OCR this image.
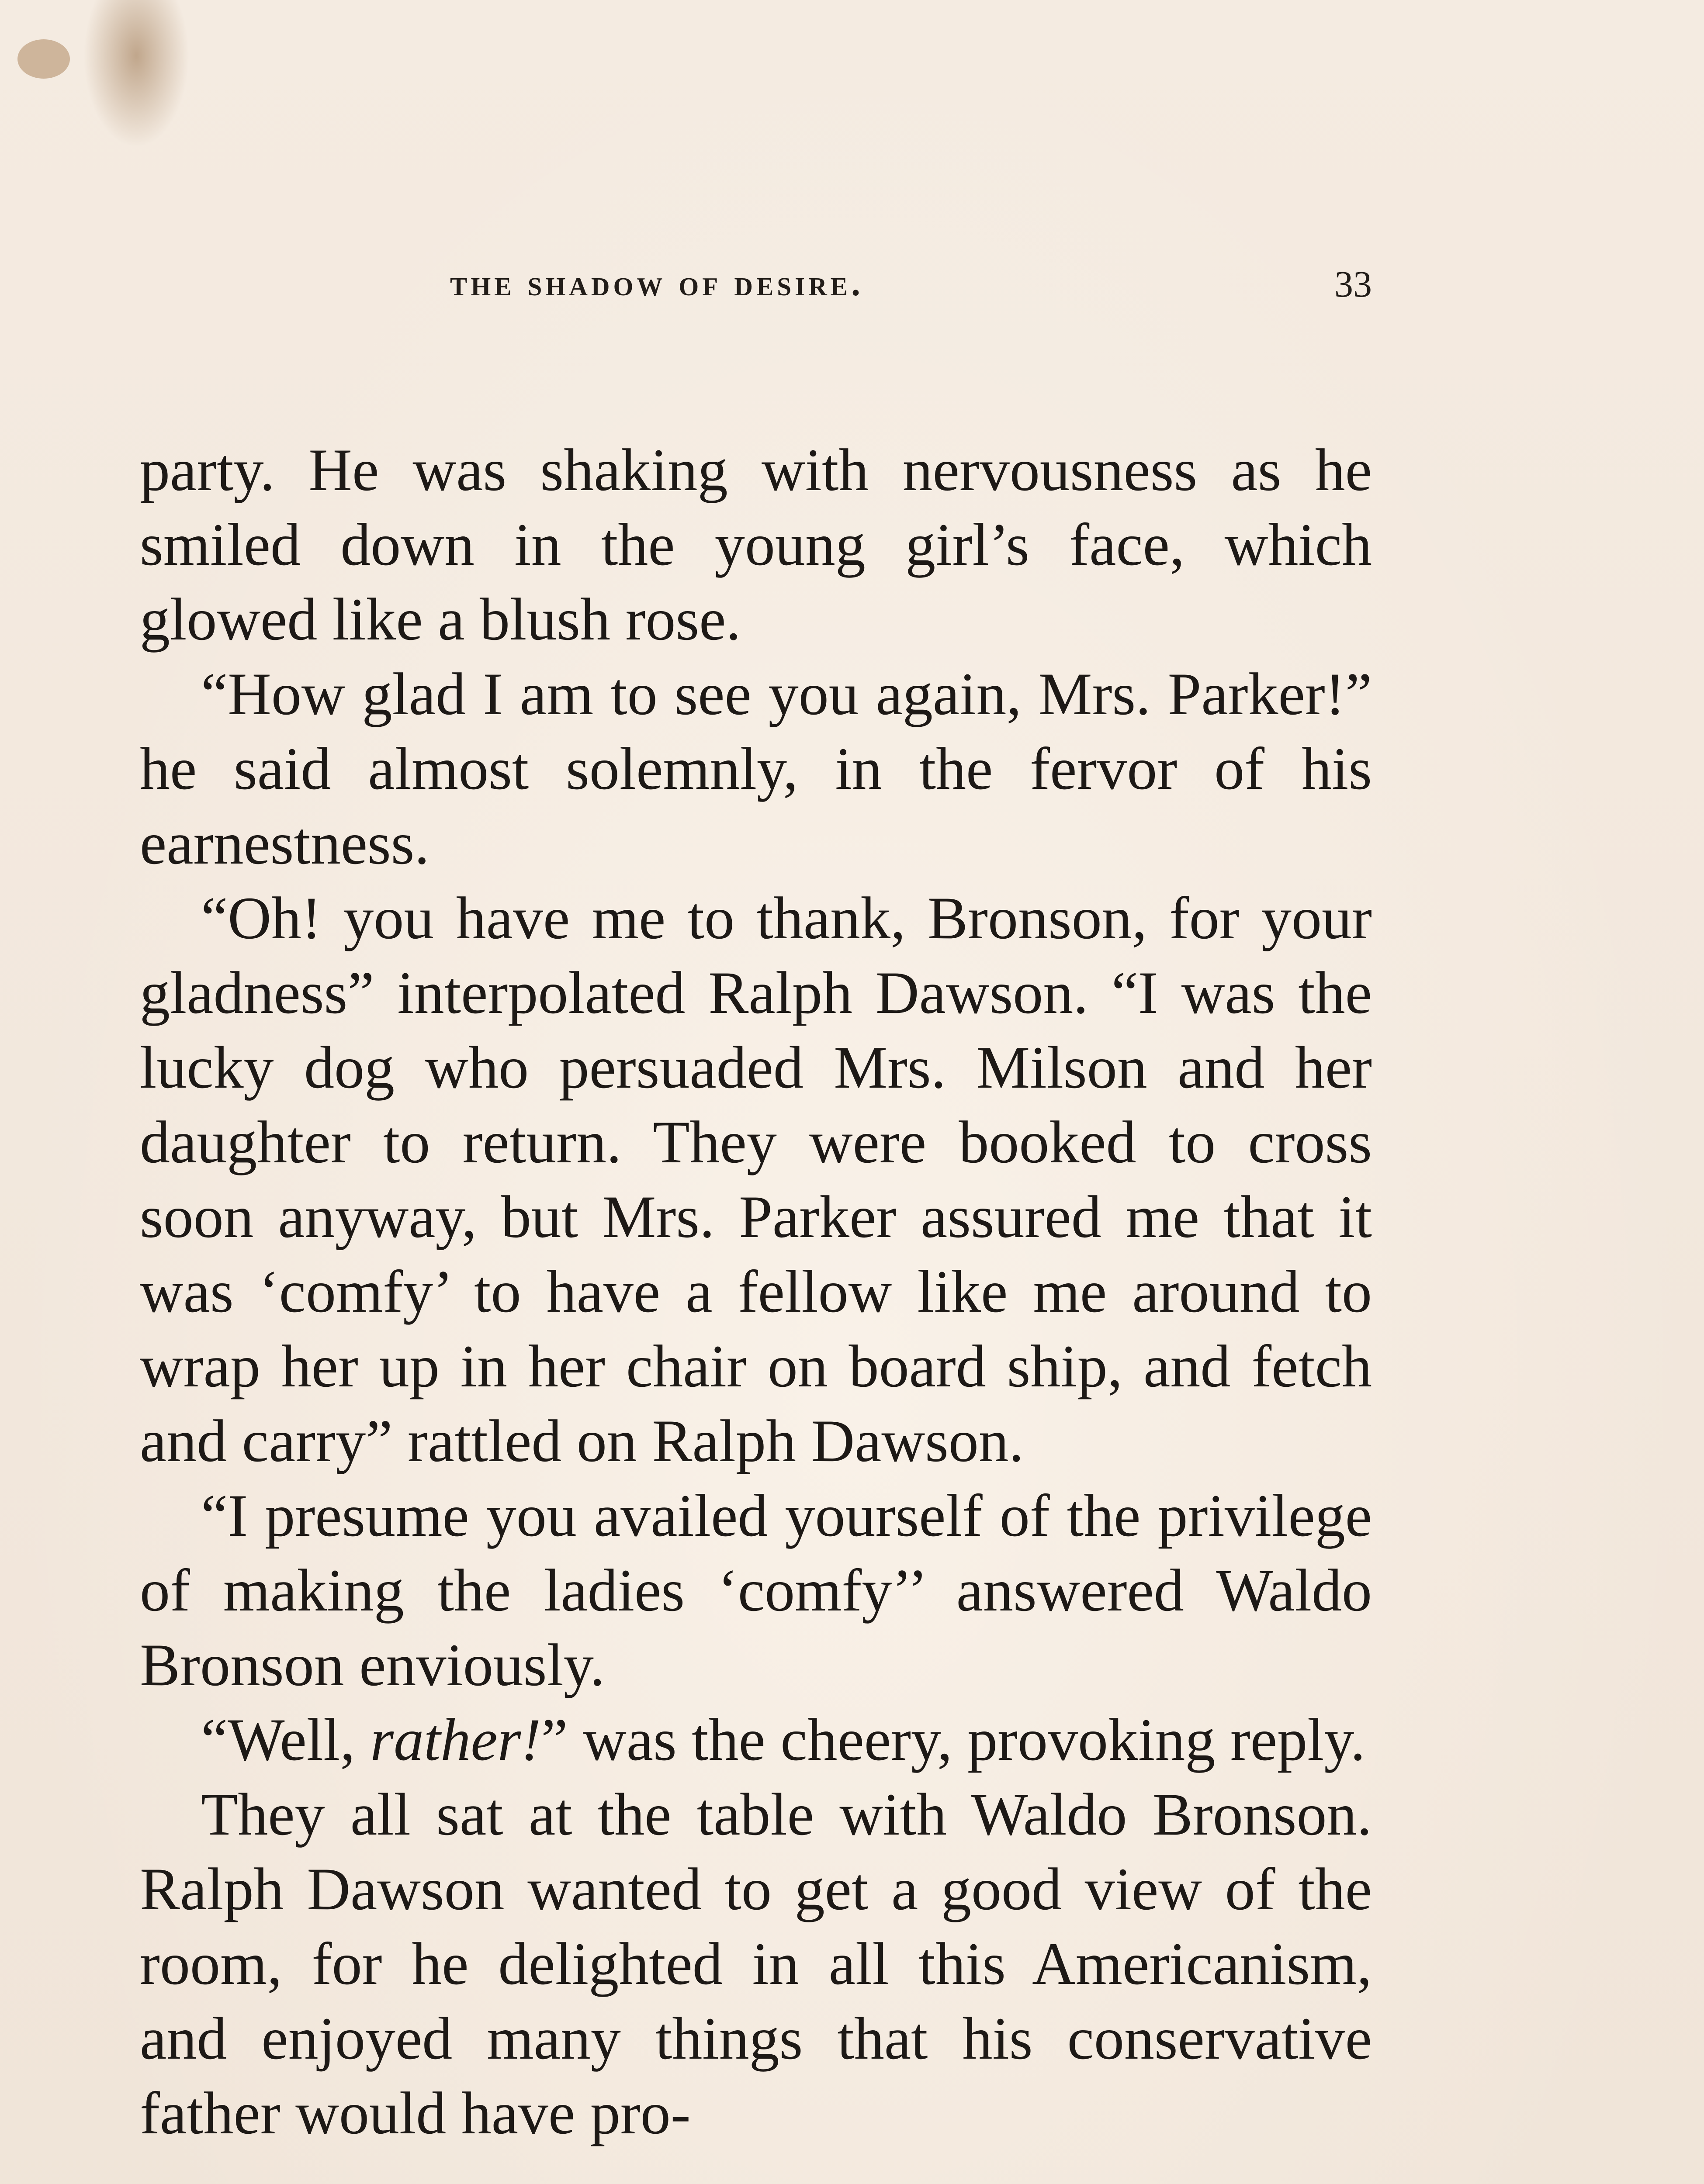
the shadow of desire.	33

party. He was shaking with nervousness as he smiled down in the young girl’s face, which glowed like a blush rose.

“How glad I am to see you again, Mrs. Parker!” he said almost solemnly, in the fervor of his earnestness.

“Oh! you have me to thank, Bronson, for your gladness” interpolated Ralph Dawson. “I was the lucky dog who persuaded Mrs. Milson and her daughter to return. They were booked to cross soon anyway, but Mrs. Parker assured me that it was ‘comfy’ to have a fellow like me around to wrap her up in her chair on board ship, and fetch and carry” rattled on Ralph Dawson.

“I presume you availed yourself of the privilege of making the ladies ‘comfy’’ answered Waldo Bronson enviously.

“Well, rather!” was the cheery, provoking reply.

They all sat at the table with Waldo Bronson. Ralph Dawson wanted to get a good view of the room, for he delighted in all this Americanism, and enjoyed many things that his conservative father would have pro-
